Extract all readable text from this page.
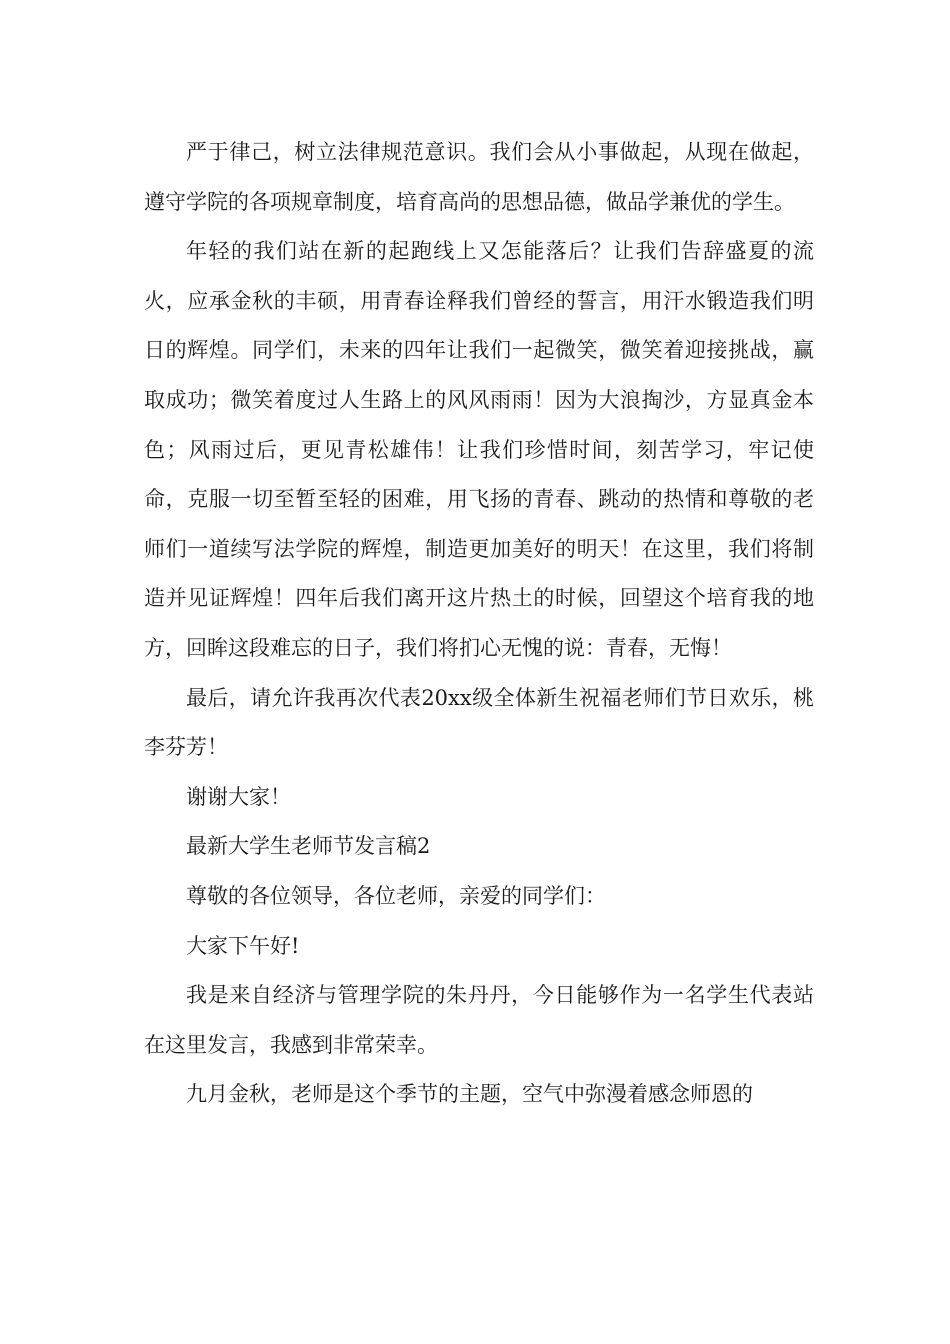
严于律己，树立法律规范意识。我们会从小事做起，从现在做起，遵守学院的各项规章制度，培育高尚的思想品德，做品学兼优的学生。

年轻的我们站在新的起跑线上又怎能落后？让我们告辞盛夏的流火，应承金秋的丰硕，用青春诠释我们曾经的誓言，用汗水锻造我们明日的辉煌。同学们，未来的四年让我们一起微笑，微笑着迎接挑战，赢取成功；微笑着度过人生路上的风风雨雨！因为大浪掏沙，方显真金本色；风雨过后，更见青松雄伟！让我们珍惜时间，刻苦学习，牢记使命，克服一切至暂至轻的困难，用飞扬的青春、跳动的热情和尊敬的老师们一道续写法学院的辉煌，制造更加美好的明天！在这里，我们将制造并见证辉煌！四年后我们离开这片热土的时候，回望这个培育我的地方，回眸这段难忘的日子，我们将扪心无愧的说：青春，无悔！

最后，请允许我再次代表20xx级全体新生祝福老师们节日欢乐，桃李芬芳！

谢谢大家！

最新大学生老师节发言稿2

尊敬的各位领导，各位老师，亲爱的同学们：

大家下午好!

我是来自经济与管理学院的朱丹丹，今日能够作为一名学生代表站在这里发言，我感到非常荣幸。

九月金秋，老师是这个季节的主题，空气中弥漫着感念师恩的
